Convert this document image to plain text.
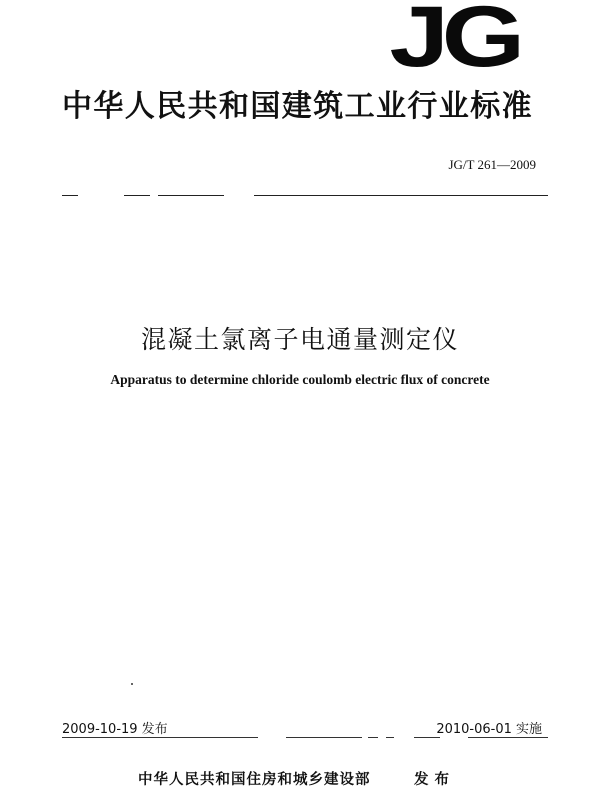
JG
中华人民共和国建筑工业行业标准
JG/T 261—2009
混凝土氯离子电通量测定仪
Apparatus to determine chloride coulomb electric flux of concrete
2009-10-19 发布	2010-06-01 实施
中华人民共和国住房和城乡建设部	发布
